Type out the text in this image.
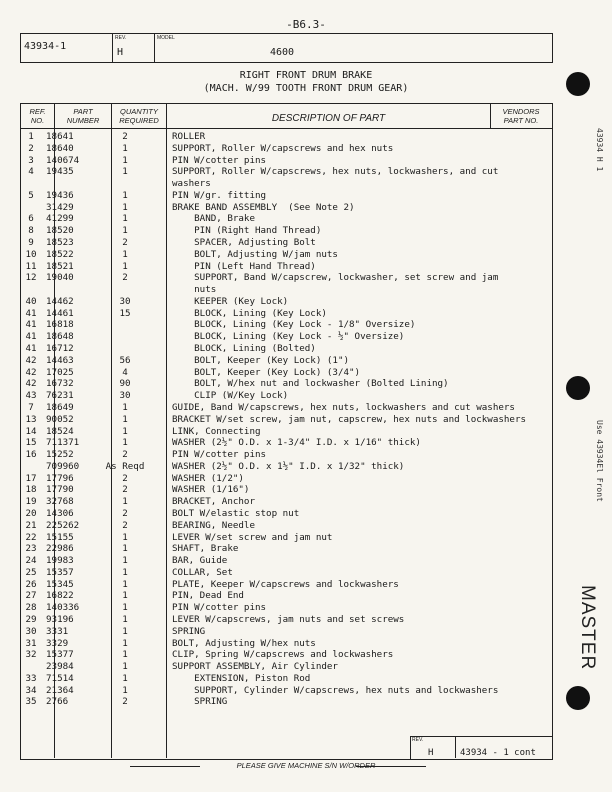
-B6.3-
REV.	MODEL
43934-1
H	4600
RIGHT FRONT DRUM BRAKE
(MACH. W/99 TOOTH FRONT DRUM GEAR)
REF.
NO.
PART
NUMBER
QUANTITY
REQUIRED	DESCRIPTION OF PART
VENDORS
PART NO.
1	18641	2	ROLLER
2	18640	1	SUPPORT, Roller W/capscrews and hex nuts
3	140674	1	PIN W/cotter pins
4	19435	1	SUPPORT, Roller W/capscrews, hex nuts, lockwashers, and cut
washers
5	19436	1	PIN W/gr. fitting
31429	1	BRAKE BAND ASSEMBLY  (See Note 2)
6	41299	1	BAND, Brake
8	18520	1	PIN (Right Hand Thread)
9	18523	2	SPACER, Adjusting Bolt
10	18522	1	BOLT, Adjusting W/jam nuts
11	18521	1	PIN (Left Hand Thread)
12	19040	2	SUPPORT, Band W/capscrew, lockwasher, set screw and jam
nuts
40	14462	30	KEEPER (Key Lock)
41	14461	15	BLOCK, Lining (Key Lock)
41	16818	BLOCK, Lining (Key Lock - 1/8" Oversize)
41	18648	BLOCK, Lining (Key Lock - ½" Oversize)
41	16712	BLOCK, Lining (Bolted)
42	14463	56	BOLT, Keeper (Key Lock) (1")
42	17025	4	BOLT, Keeper (Key Lock) (3/4")
42	16732	90	BOLT, W/hex nut and lockwasher (Bolted Lining)
43	76231	30	CLIP (W/Key Lock)
7	18649	1	GUIDE, Band W/capscrews, hex nuts, lockwashers and cut washers
13	90052	1	BRACKET W/set screw, jam nut, capscrew, hex nuts and lockwashers
14	18524	1	LINK, Connecting
15	711371	1	WASHER (2½" O.D. x 1-3/4" I.D. x 1/16" thick)
16	15252	2	PIN W/cotter pins
709960	As Reqd	WASHER (2½" O.D. x 1½" I.D. x 1/32" thick)
17	17796	2	WASHER (1/2")
18	17790	2	WASHER (1/16")
19	32768	1	BRACKET, Anchor
20	14306	2	BOLT W/elastic stop nut
21	225262	2	BEARING, Needle
22	15155	1	LEVER W/set screw and jam nut
23	22986	1	SHAFT, Brake
24	19983	1	BAR, Guide
25	15357	1	COLLAR, Set
26	15345	1	PLATE, Keeper W/capscrews and lockwashers
27	16822	1	PIN, Dead End
28	140336	1	PIN W/cotter pins
29	93196	1	LEVER W/capscrews, jam nuts and set screws
30	3331	1	SPRING
31	3329	1	BOLT, Adjusting W/hex nuts
32	15377	1	CLIP, Spring W/capscrews and lockwashers
23984	1	SUPPORT ASSEMBLY, Air Cylinder
33	71514	1	EXTENSION, Piston Rod
34	21364	1	SUPPORT, Cylinder W/capscrews, hex nuts and lockwashers
35	2766	2	SPRING
REV.
H	43934 - 1 cont
PLEASE GIVE MACHINE S/N W/ORDER
43934 H 1
Use 43934El Front
MASTER
